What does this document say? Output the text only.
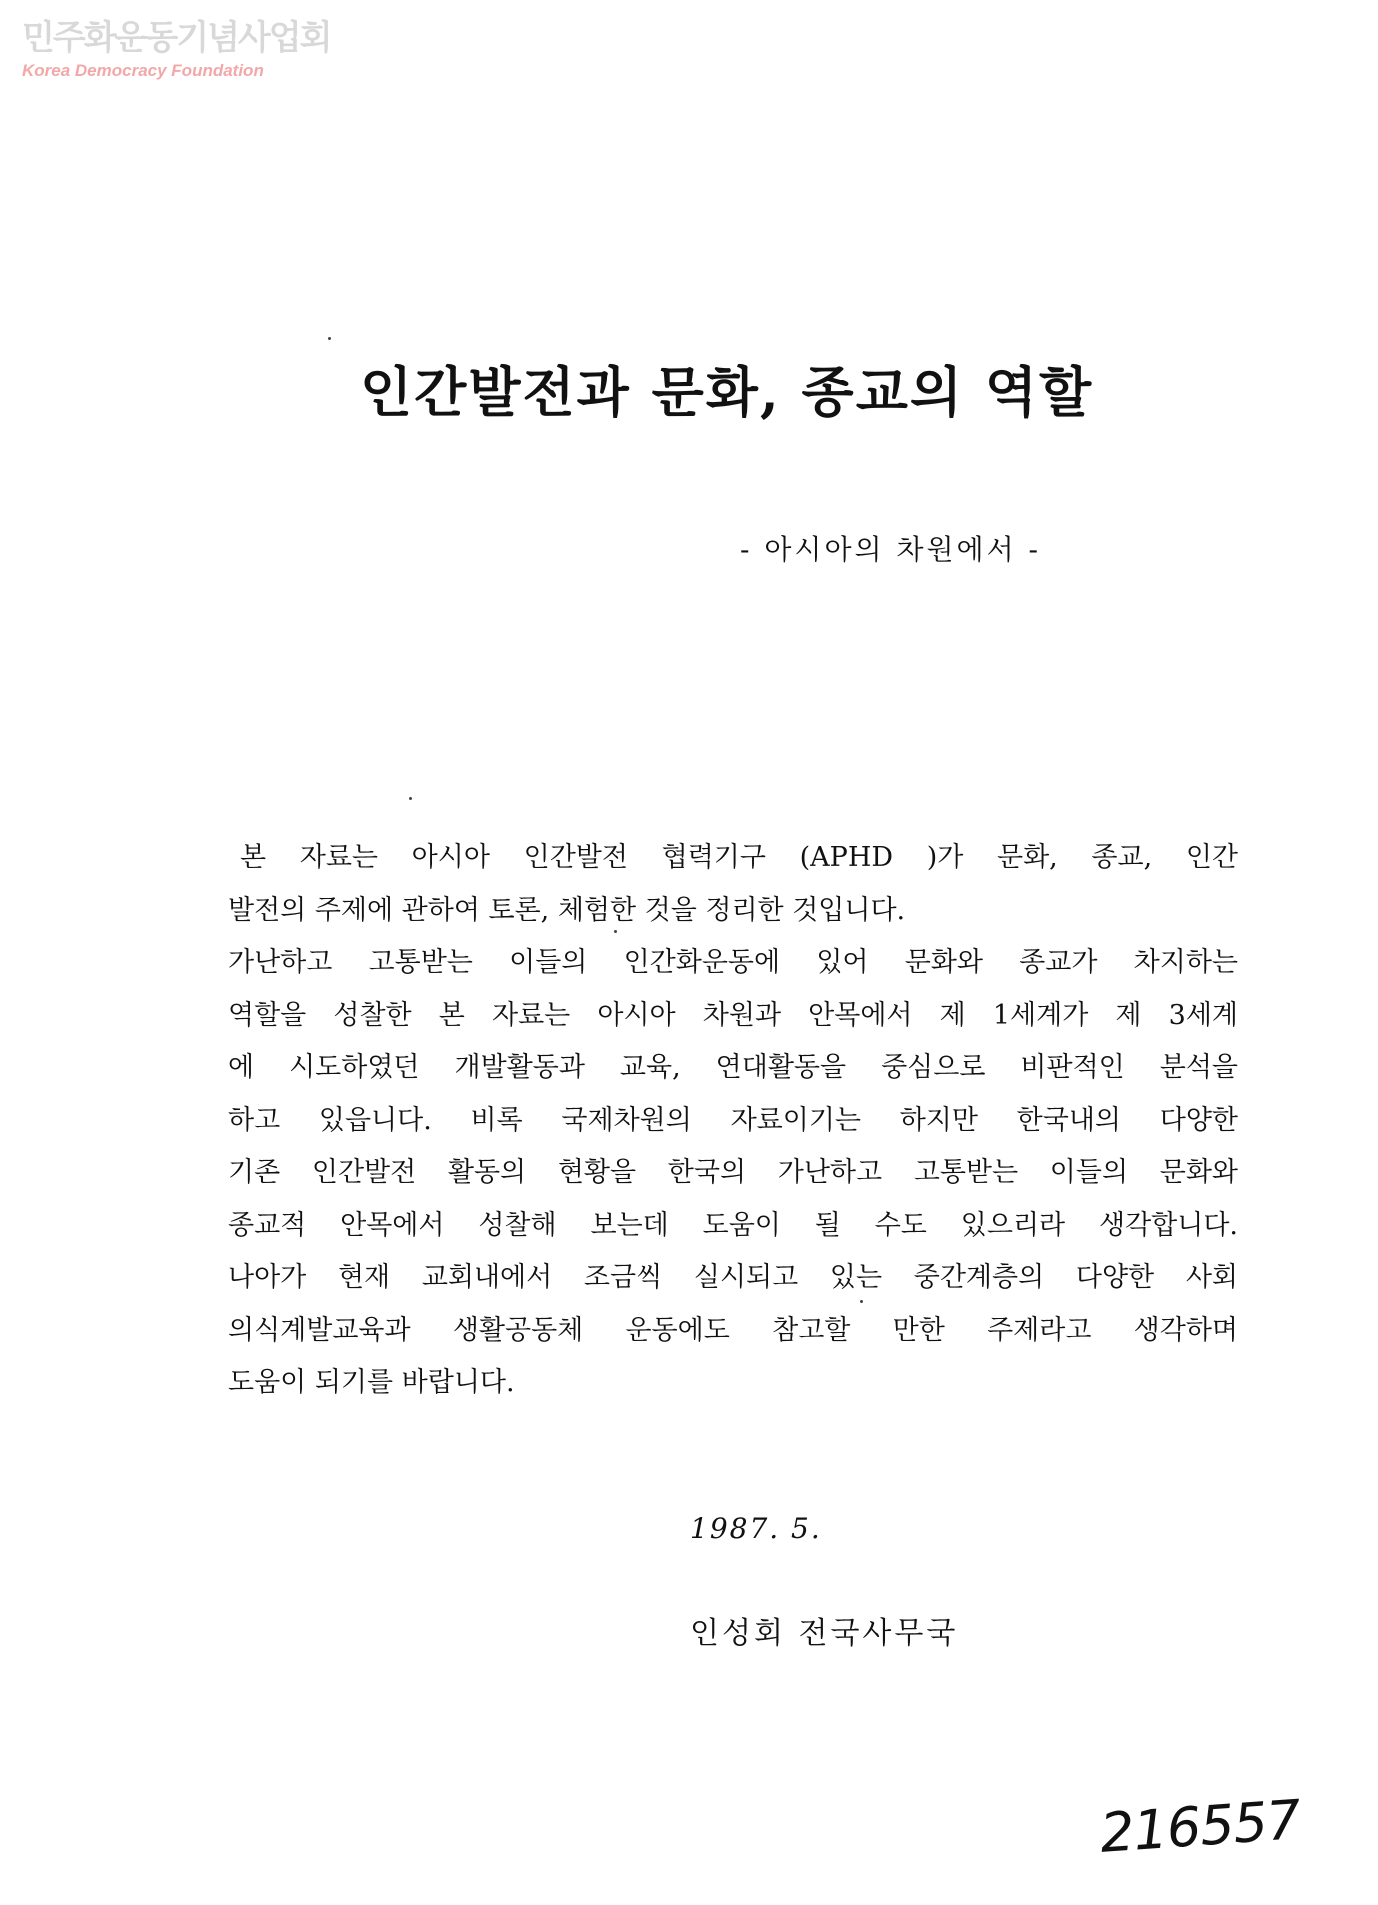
민주화운동기념사업회
Korea Democracy Foundation
인간발전과 문화, 종교의 역할
- 아시아의 차원에서 -
본 자료는 아시아 인간발전 협력기구 (APHD )가 문화, 종교, 인간
발전의 주제에 관하여 토론, 체험한 것을 정리한 것입니다.
가난하고 고통받는 이들의 인간화운동에 있어 문화와 종교가 차지하는
역할을 성찰한 본 자료는 아시아 차원과 안목에서 제 1세계가 제 3세계
에 시도하였던 개발활동과 교육, 연대활동을 중심으로 비판적인 분석을
하고 있읍니다. 비록 국제차원의 자료이기는 하지만 한국내의 다양한
기존 인간발전 활동의 현황을 한국의 가난하고 고통받는 이들의 문화와
종교적 안목에서 성찰해 보는데 도움이 될 수도 있으리라 생각합니다.
나아가 현재 교회내에서 조금씩 실시되고 있는 중간계층의 다양한 사회
의식계발교육과 생활공동체 운동에도 참고할 만한 주제라고 생각하며
도움이 되기를 바랍니다.
1987. 5.
인성회 전국사무국
216557
